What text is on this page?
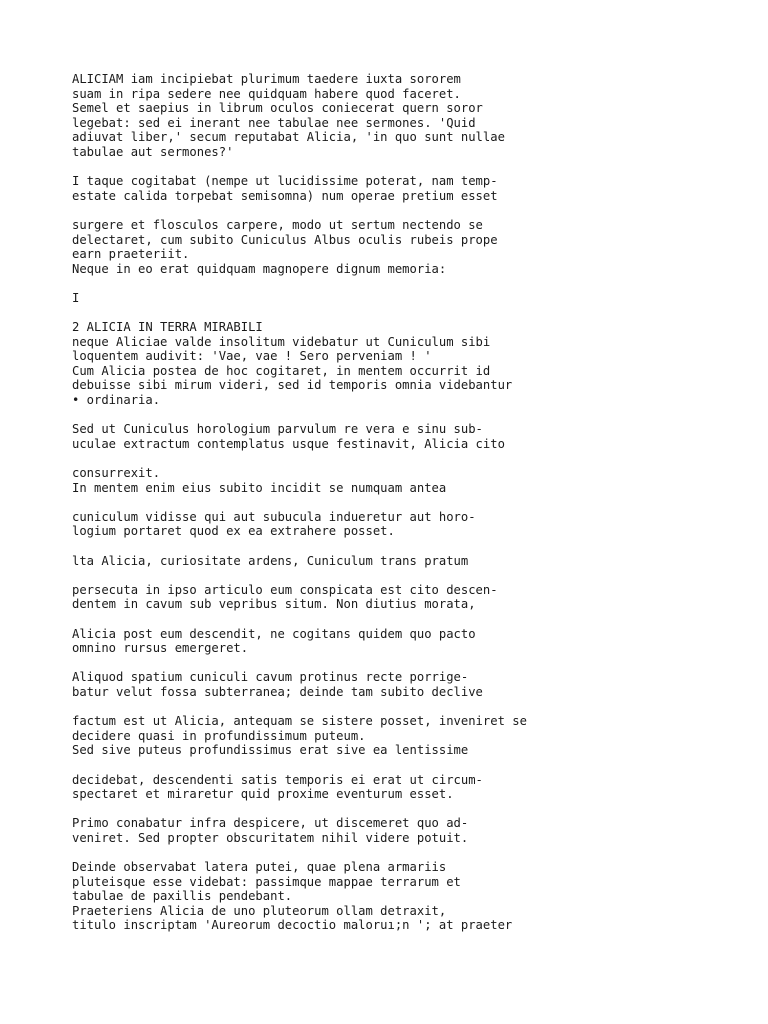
ALICIAM iam incipiebat plurimum taedere iuxta sororem
suam in ripa sedere nee quidquam habere quod faceret.
Semel et saepius in librum oculos coniecerat quern soror
legebat: sed ei inerant nee tabulae nee sermones. 'Quid
adiuvat liber,' secum reputabat Alicia, 'in quo sunt nullae
tabulae aut sermones?'
I taque cogitabat (nempe ut lucidissime poterat, nam temp-
estate calida torpebat semisomna) num operae pretium esset
surgere et flosculos carpere, modo ut sertum nectendo se
delectaret, cum subito Cuniculus Albus oculis rubeis prope
earn praeteriit.
Neque in eo erat quidquam magnopere dignum memoria:
I
2 ALICIA IN TERRA MIRABILI
neque Aliciae valde insolitum videbatur ut Cuniculum sibi
loquentem audivit: 'Vae, vae ! Sero perveniam ! '
Cum Alicia postea de hoc cogitaret, in mentem occurrit id
debuisse sibi mirum videri, sed id temporis omnia videbantur
• ordinaria.
Sed ut Cuniculus horologium parvulum re vera e sinu sub-
uculae extractum contemplatus usque festinavit, Alicia cito
consurrexit.
In mentem enim eius subito incidit se numquam antea
cuniculum vidisse qui aut subucula indueretur aut horo-
logium portaret quod ex ea extrahere posset.
lta Alicia, curiositate ardens, Cuniculum trans pratum
persecuta in ipso articulo eum conspicata est cito descen-
dentem in cavum sub vepribus situm. Non diutius morata,
Alicia post eum descendit, ne cogitans quidem quo pacto
omnino rursus emergeret.
Aliquod spatium cuniculi cavum protinus recte porrige-
batur velut fossa subterranea; deinde tam subito declive
factum est ut Alicia, antequam se sistere posset, inveniret se
decidere quasi in profundissimum puteum.
Sed sive puteus profundissimus erat sive ea lentissime
decidebat, descendenti satis temporis ei erat ut circum-
spectaret et miraretur quid proxime eventurum esset.
Primo conabatur infra despicere, ut discemeret quo ad-
veniret. Sed propter obscuritatem nihil videre potuit.
Deinde observabat latera putei, quae plena armariis
pluteisque esse videbat: passimque mappae terrarum et
tabulae de paxillis pendebant.
Praeteriens Alicia de uno pluteorum ollam detraxit,
titulo inscriptam 'Aureorum decoctio maloruı;n '; at praeter
